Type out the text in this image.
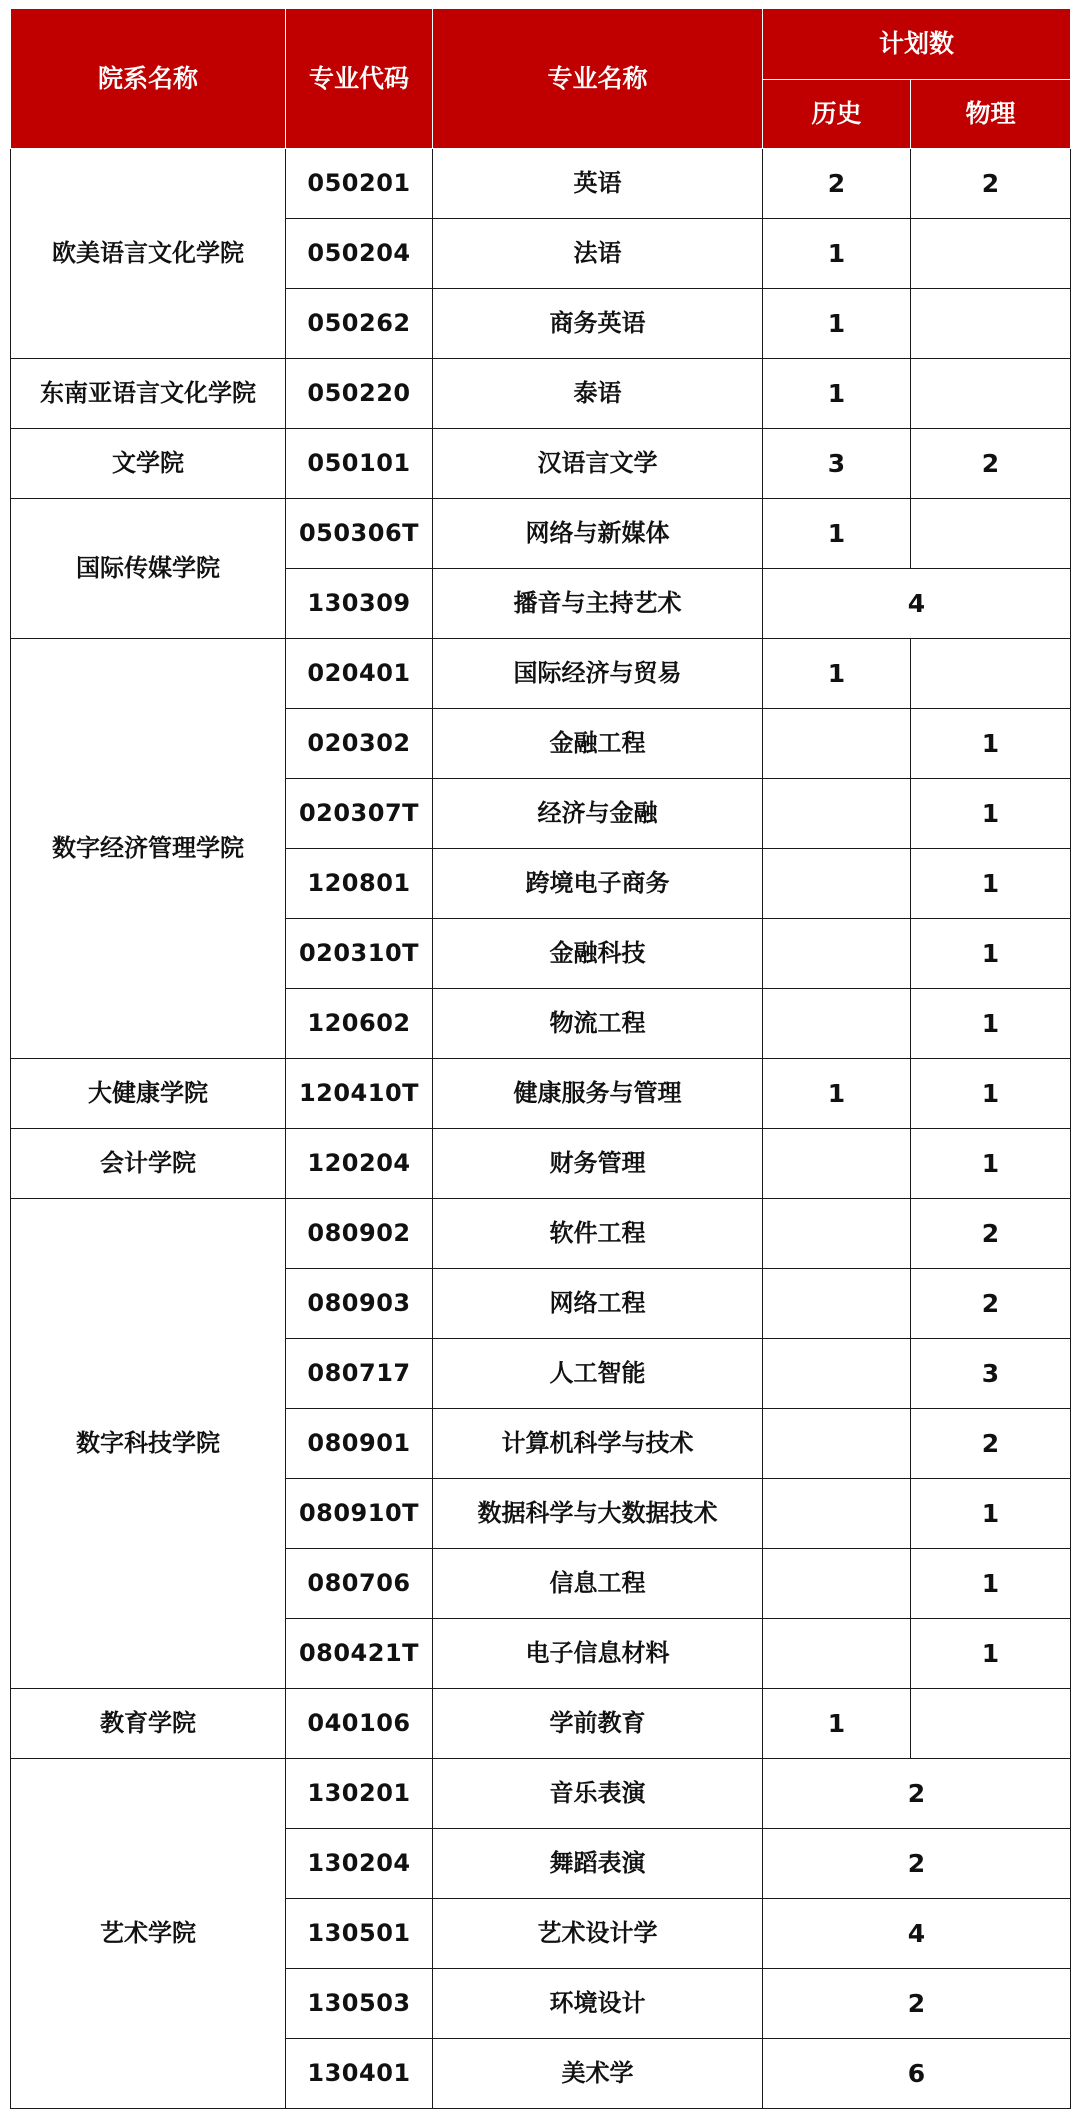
院系名称	专业代码	专业名称	计划数	
			历史	物理
欧美语言文化学院	050201	英语	2	2
	050204	法语	1	
	050262	商务英语	1	
东南亚语言文化学院	050220	泰语	1	
文学院	050101	汉语言文学	3	2
国际传媒学院	050306T	网络与新媒体	1	
	130309	播音与主持艺术	4	
数字经济管理学院	020401	国际经济与贸易	1	
	020302	金融工程		1
	020307T	经济与金融		1
	120801	跨境电子商务		1
	020310T	金融科技		1
	120602	物流工程		1
大健康学院	120410T	健康服务与管理	1	1
会计学院	120204	财务管理		1
数字科技学院	080902	软件工程		2
	080903	网络工程		2
	080717	人工智能		3
	080901	计算机科学与技术		2
	080910T	数据科学与大数据技术		1
	080706	信息工程		1
	080421T	电子信息材料		1
教育学院	040106	学前教育	1	
艺术学院	130201	音乐表演	2	
	130204	舞蹈表演	2	
	130501	艺术设计学	4	
	130503	环境设计	2	
	130401	美术学	6	
